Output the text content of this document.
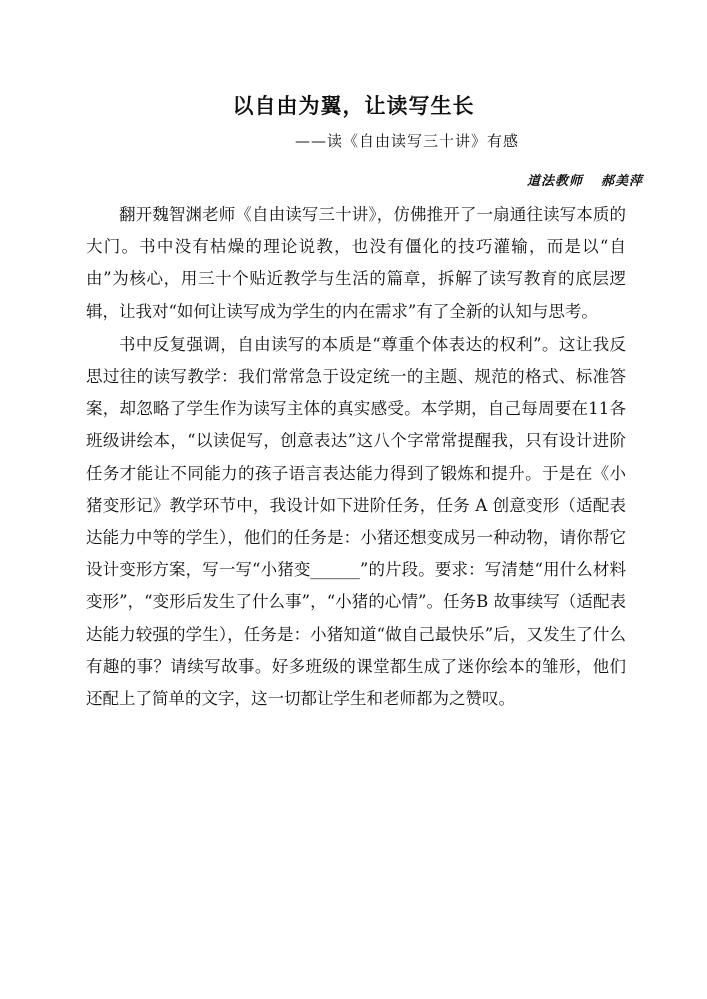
以自由为翼，让读写生长
——读《自由读写三十讲》有感
道法教师 郝美萍

翻开魏智渊老师《自由读写三十讲》，仿佛推开了一扇通往读写本质的大门。书中没有枯燥的理论说教，也没有僵化的技巧灌输，而是以“自由”为核心，用三十个贴近教学与生活的篇章，拆解了读写教育的底层逻辑，让我对“如何让读写成为学生的内在需求”有了全新的认知与思考。

书中反复强调，自由读写的本质是“尊重个体表达的权利”。这让我反思过往的读写教学：我们常常急于设定统一的主题、规范的格式、标准答案，却忽略了学生作为读写主体的真实感受。本学期，自己每周要在11各班级讲绘本，“以读促写，创意表达”这八个字常常提醒我，只有设计进阶任务才能让不同能力的孩子语言表达能力得到了锻炼和提升。于是在《小猪变形记》教学环节中，我设计如下进阶任务，任务 A 创意变形（适配表达能力中等的学生），他们的任务是：小猪还想变成另一种动物，请你帮它设计变形方案，写一写“小猪变______”的片段。要求：写清楚“用什么材料变形”，“变形后发生了什么事”，“小猪的心情”。任务B 故事续写（适配表达能力较强的学生），任务是：小猪知道“做自己最快乐”后，又发生了什么有趣的事？请续写故事。好多班级的课堂都生成了迷你绘本的雏形，他们还配上了简单的文字，这一切都让学生和老师都为之赞叹。
